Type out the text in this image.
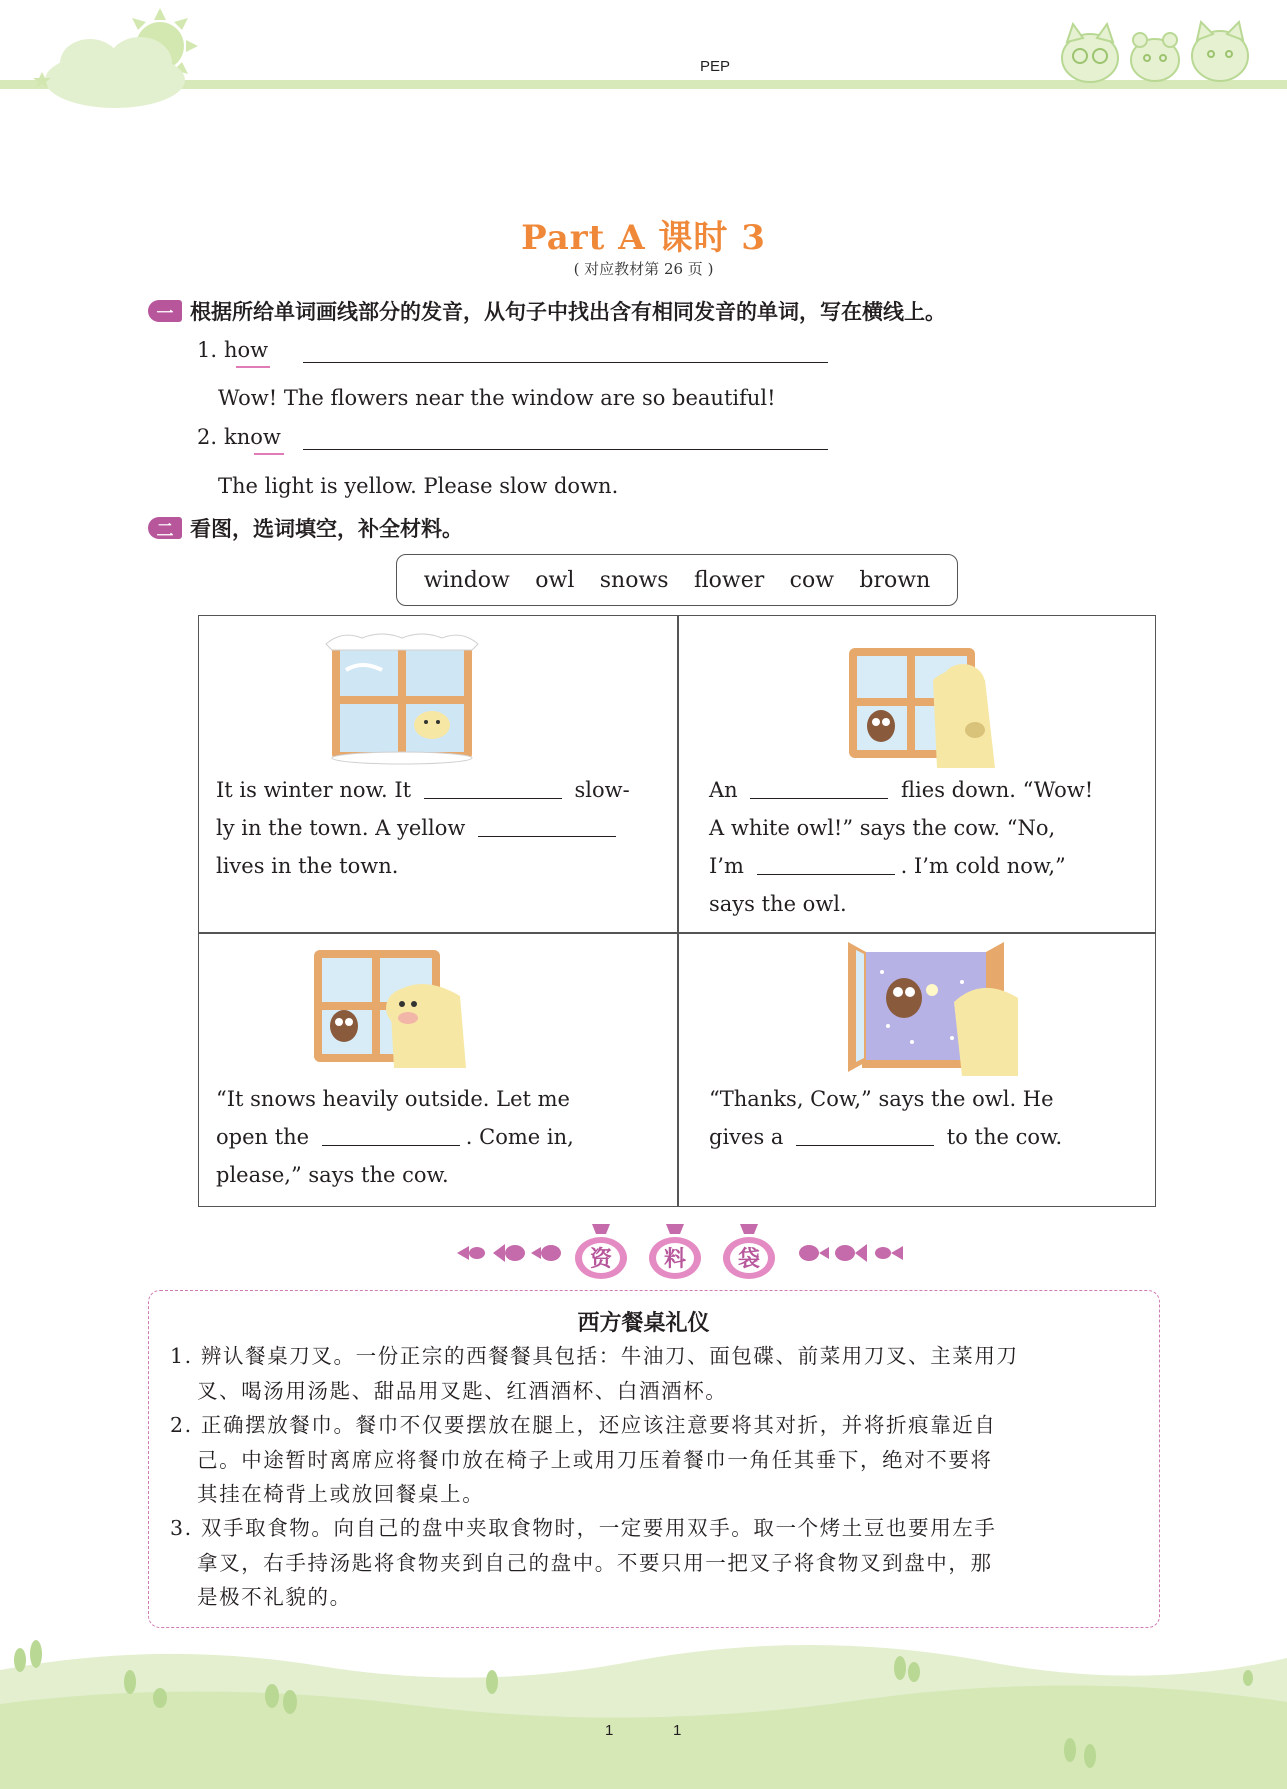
PEP
Part A 课时 3
( 对应教材第 26 页 )
一 根据所给单词画线部分的发音，从句子中找出含有相同发音的单词，写在横线上。
1. how
Wow! The flowers near the window are so beautiful!
2. know
The light is yellow. Please slow down.
二 看图，选词填空，补全材料。
window owl snows flower cow brown
It is winter now. It	slow-
ly in the town. A yellow
lives in the town.
An	flies down. “Wow!
A white owl!” says the cow. “No,
I’m	. I’m cold now,”
says the owl.
“It snows heavily outside. Let me
open the	. Come in,
please,” says the cow.
“Thanks, Cow,” says the owl. He
gives a	to the cow.
资	料	袋
西方餐桌礼仪
1. 辨认餐桌刀叉。一份正宗的西餐餐具包括：牛油刀、面包碟、前菜用刀叉、主菜用刀
叉、喝汤用汤匙、甜品用叉匙、红酒酒杯、白酒酒杯。
2. 正确摆放餐巾。餐巾不仅要摆放在腿上，还应该注意要将其对折，并将折痕靠近自
己。中途暂时离席应将餐巾放在椅子上或用刀压着餐巾一角任其垂下，绝对不要将
其挂在椅背上或放回餐桌上。
3. 双手取食物。向自己的盘中夹取食物时，一定要用双手。取一个烤土豆也要用左手
拿叉，右手持汤匙将食物夹到自己的盘中。不要只用一把叉子将食物叉到盘中，那
是极不礼貌的。
1	1
